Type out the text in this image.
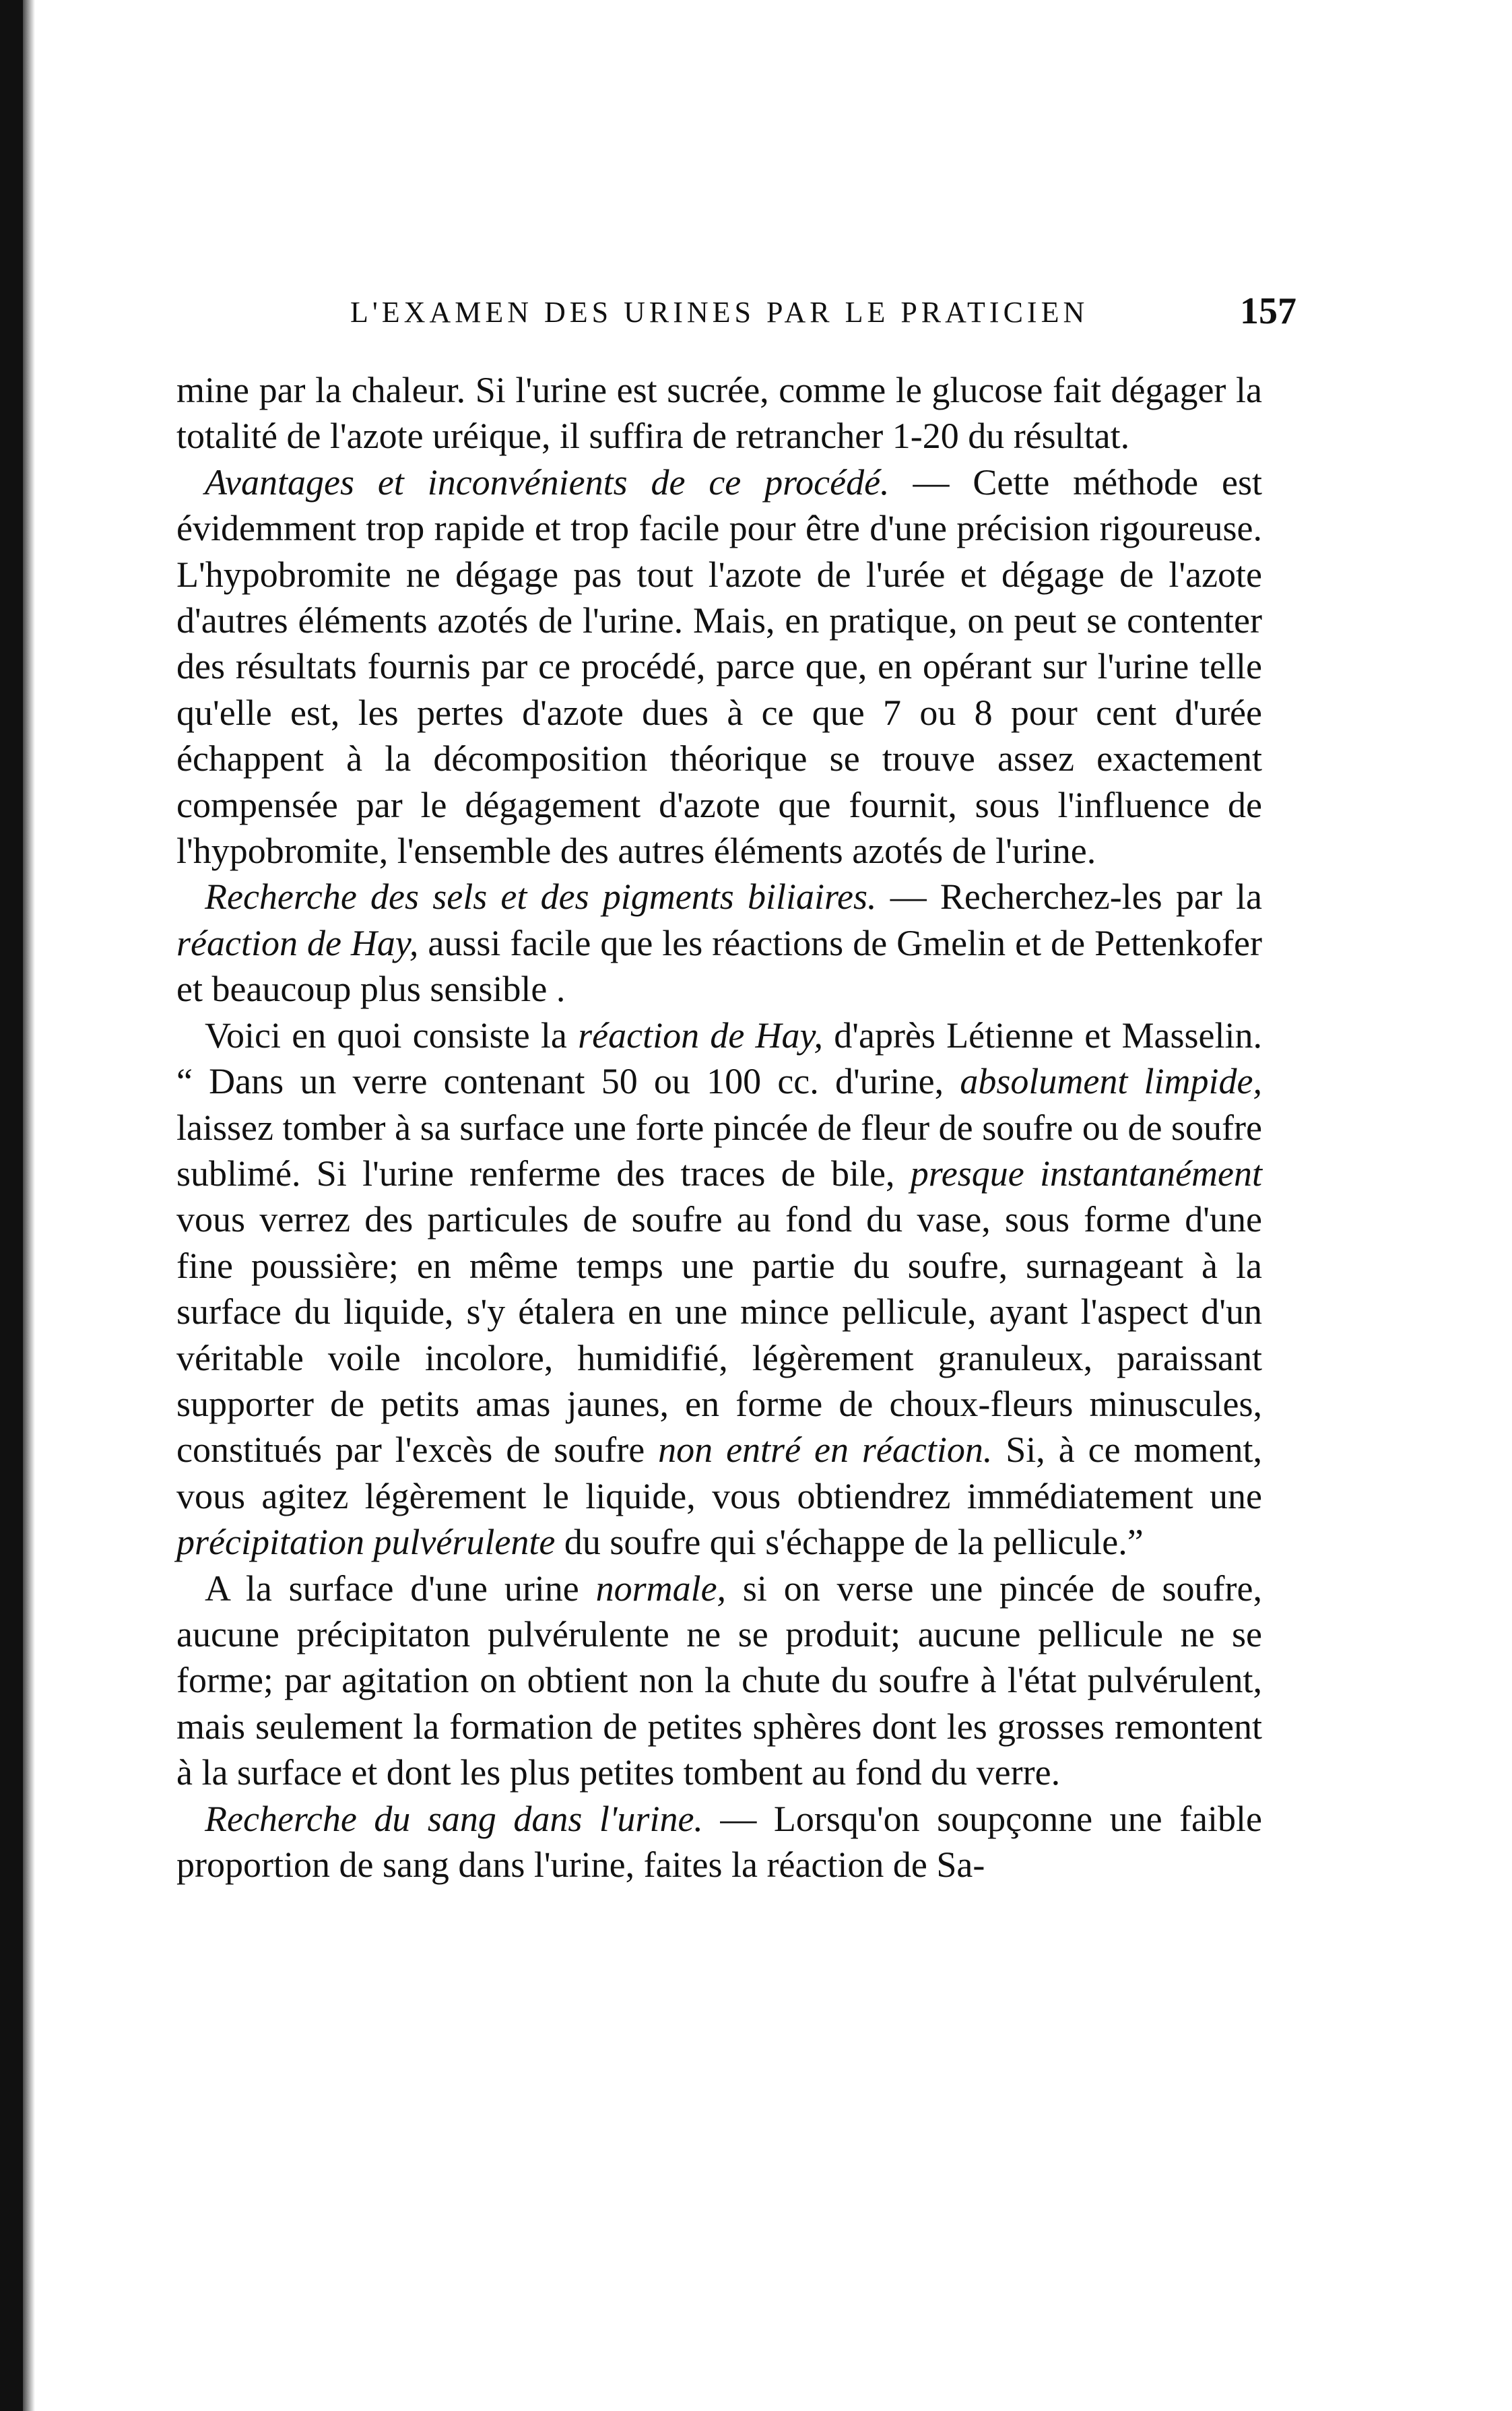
L'EXAMEN DES URINES PAR LE PRATICIEN	157

mine par la chaleur. Si l'urine est sucrée, comme le glucose fait dégager la totalité de l'azote uréique, il suffira de retrancher 1-20 du résultat.

Avantages et inconvénients de ce procédé. — Cette méthode est évidemment trop rapide et trop facile pour être d'une précision rigoureuse. L'hypobromite ne dégage pas tout l'azote de l'urée et dégage de l'azote d'autres éléments azotés de l'urine. Mais, en pratique, on peut se contenter des résultats fournis par ce procédé, parce que, en opérant sur l'urine telle qu'elle est, les pertes d'azote dues à ce que 7 ou 8 pour cent d'urée échappent à la décomposition théorique se trouve assez exactement compensée par le dégagement d'azote que fournit, sous l'influence de l'hypobromite, l'ensemble des autres éléments azotés de l'urine.

Recherche des sels et des pigments biliaires. — Recherchez-les par la réaction de Hay, aussi facile que les réactions de Gmelin et de Pettenkofer et beaucoup plus sensible .

Voici en quoi consiste la réaction de Hay, d'après Létienne et Masselin. “ Dans un verre contenant 50 ou 100 cc. d'urine, absolument limpide, laissez tomber à sa surface une forte pincée de fleur de soufre ou de soufre sublimé. Si l'urine renferme des traces de bile, presque instantanément vous verrez des particules de soufre au fond du vase, sous forme d'une fine poussière; en même temps une partie du soufre, surnageant à la surface du liquide, s'y étalera en une mince pellicule, ayant l'aspect d'un véritable voile incolore, humidifié, légèrement granuleux, paraissant supporter de petits amas jaunes, en forme de choux-fleurs minuscules, constitués par l'excès de soufre non entré en réaction. Si, à ce moment, vous agitez légèrement le liquide, vous obtiendrez immédiatement une précipitation pulvérulente du soufre qui s'échappe de la pellicule.”

A la surface d'une urine normale, si on verse une pincée de soufre, aucune précipitaton pulvérulente ne se produit; aucune pellicule ne se forme; par agitation on obtient non la chute du soufre à l'état pulvérulent, mais seulement la formation de petites sphères dont les grosses remontent à la surface et dont les plus petites tombent au fond du verre.

Recherche du sang dans l'urine. — Lorsqu'on soupçonne une faible proportion de sang dans l'urine, faites la réaction de Sa-
